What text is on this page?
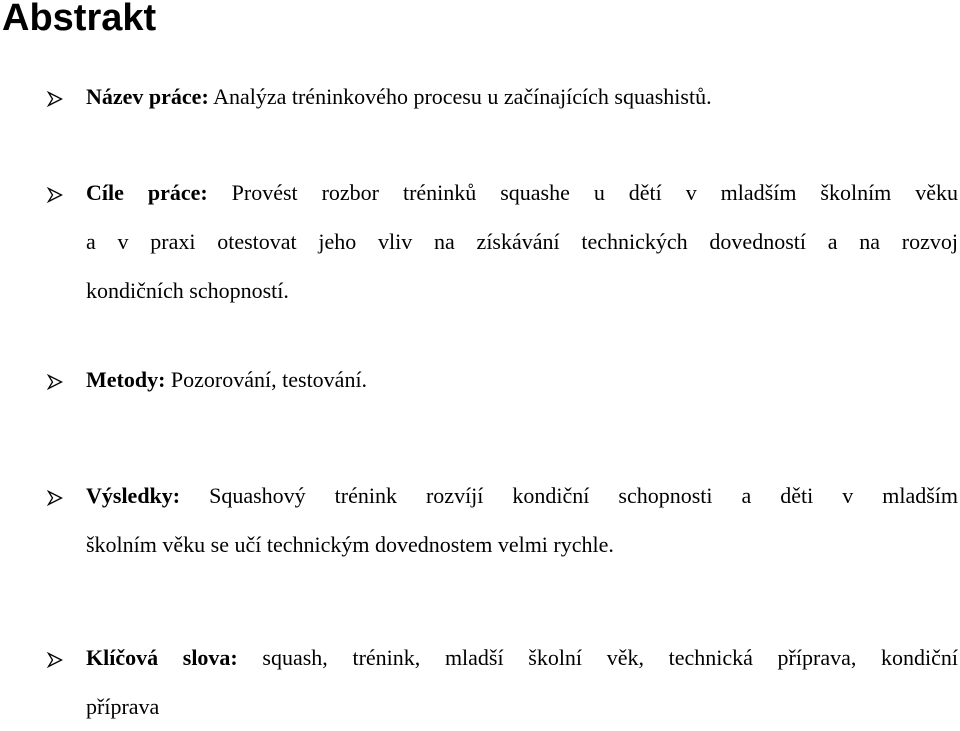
Abstrakt
Název práce: Analýza tréninkového procesu u začínajících squashistů.
Cíle práce: Provést rozbor tréninků squashe u dětí v mladším školním věku
a v praxi otestovat jeho vliv na získávání technických dovedností a na rozvoj
kondičních schopností.
Metody: Pozorování, testování.
Výsledky: Squashový trénink rozvíjí kondiční schopnosti a děti v mladším
školním věku se učí technickým dovednostem velmi rychle.
Klíčová slova: squash, trénink, mladší školní věk, technická příprava, kondiční
příprava
